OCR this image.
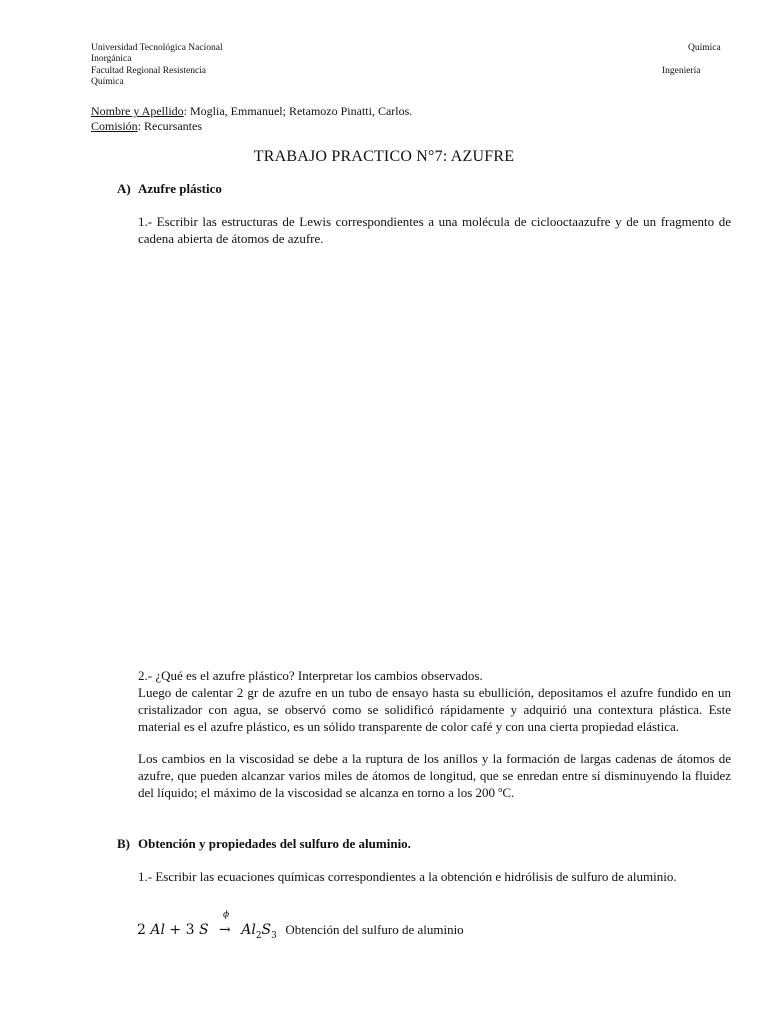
Universidad Tecnológica Nacional	Química
Inorgánica
Facultad Regional Resistencia	Ingeniería
Química
Nombre y Apellido: Moglia, Emmanuel; Retamozo Pinatti, Carlos.
Comisión: Recursantes
TRABAJO PRACTICO N°7: AZUFRE
A) Azufre plástico
1.- Escribir las estructuras de Lewis correspondientes a una molécula de ciclooctaazufre y de un fragmento de cadena abierta de átomos de azufre.
2.- ¿Qué es el azufre plástico? Interpretar los cambios observados.
Luego de calentar 2 gr de azufre en un tubo de ensayo hasta su ebullición, depositamos el azufre fundido en un cristalizador con agua, se observó como se solidificó rápidamente y adquirió una contextura plástica. Este material es el azufre plástico, es un sólido transparente de color café y con una cierta propiedad elástica.
Los cambios en la viscosidad se debe a la ruptura de los anillos y la formación de largas cadenas de átomos de azufre, que pueden alcanzar varios miles de átomos de longitud, que se enredan entre sí disminuyendo la fluidez del líquido; el máximo de la viscosidad se alcanza en torno a los 200 ºC.
B) Obtención y propiedades del sulfuro de aluminio.
1.- Escribir las ecuaciones químicas correspondientes a la obtención e hidrólisis de sulfuro de aluminio.
2 Al + 3 S
ϕ
→ $Al_2S_3$ Obtención del sulfuro de aluminio
